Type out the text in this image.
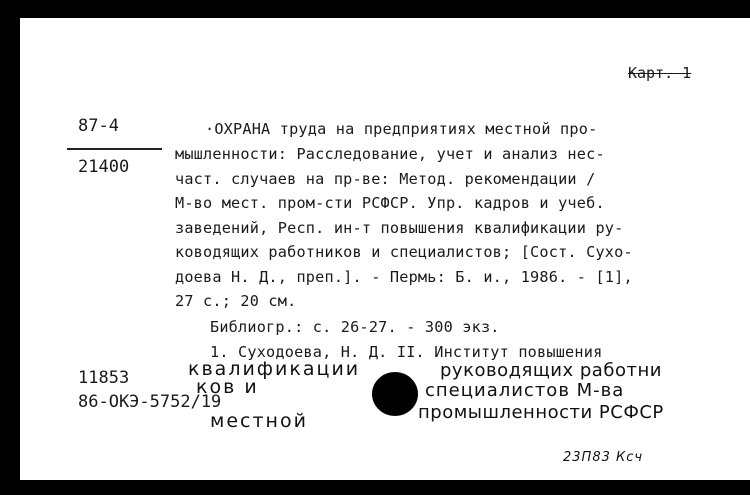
Карт. 1
87-4
21400
·ОХРАНА труда на предприятиях местной про-
мышленности: Расследование, учет и анализ нес-
част. случаев на пр-ве: Метод. рекомендации /
М-во мест. пром-сти РСФСР. Упр. кадров и учеб.
заведений, Респ. ин-т повышения квалификации ру-
ководящих работников и специалистов; [Сост. Сухо-
доева Н. Д., преп.]. - Пермь: Б. и., 1986. - [1],
27 с.; 20 см.
Библиогр.: с. 26-27. - 300 экз.
1. Суходоева, Н. Д. II. Институт повышения
11853
86-ОКЭ-5752/19
квалификации
ков и
местной
руководящих работни
специалистов М-ва
промышленности РСФСР
23П83 Ксч
